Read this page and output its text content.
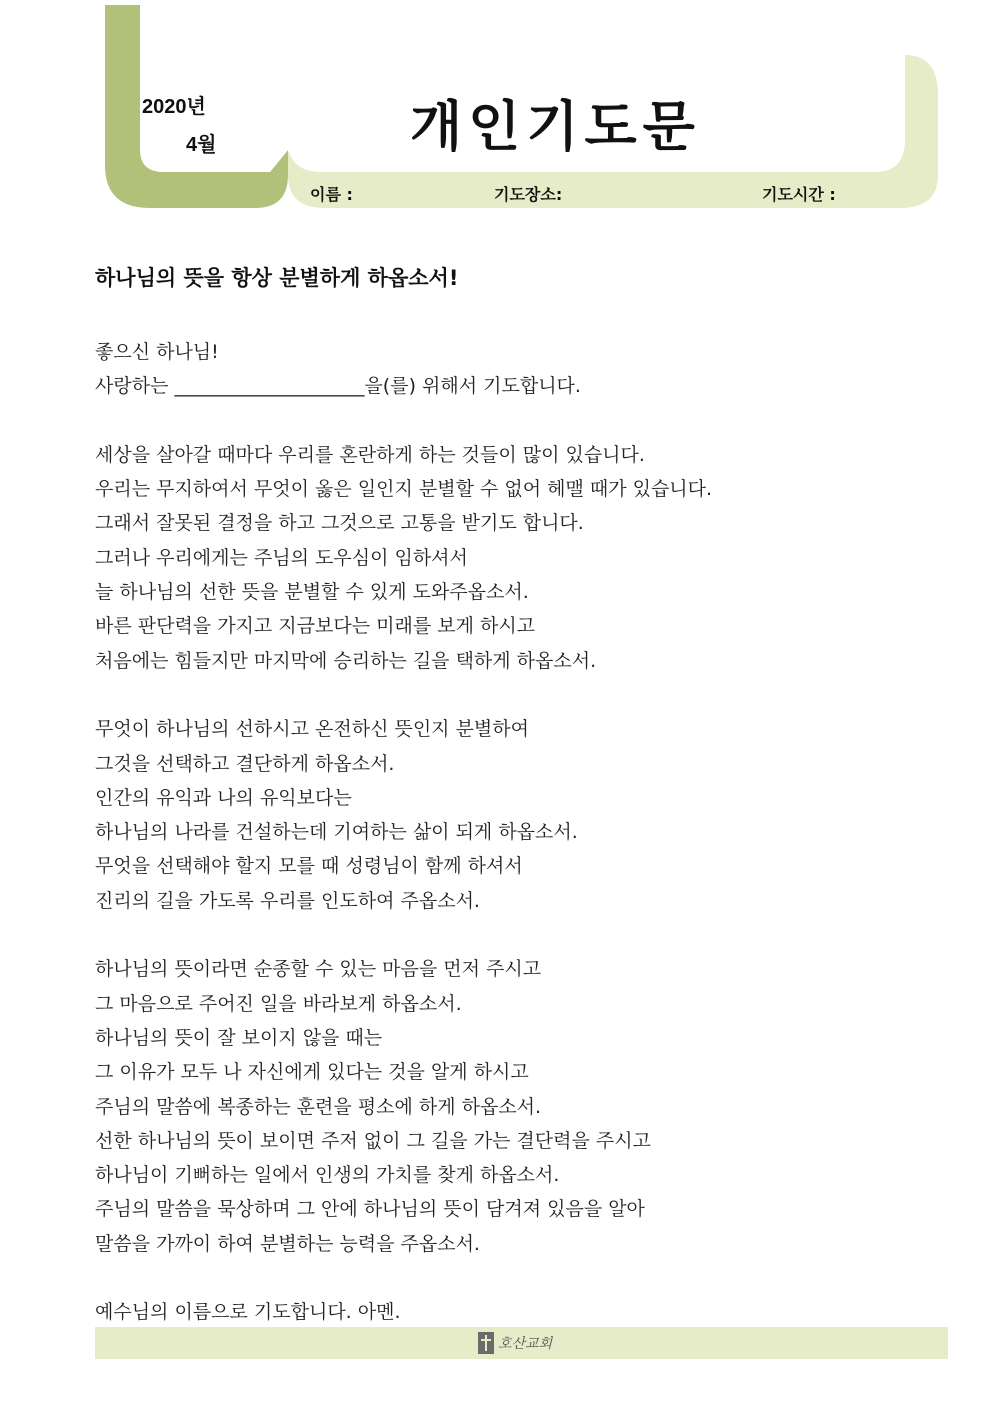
2020년
4월	개인기도문
이름 :	기도장소:	기도시간 :
하나님의 뜻을 항상 분별하게 하옵소서!
좋으신 하나님!
사랑하는 ____________________을(를) 위해서 기도합니다.
세상을 살아갈 때마다 우리를 혼란하게 하는 것들이 많이 있습니다.
우리는 무지하여서 무엇이 옳은 일인지 분별할 수 없어 헤맬 때가 있습니다.
그래서 잘못된 결정을 하고 그것으로 고통을 받기도 합니다.
그러나 우리에게는 주님의 도우심이 임하셔서
늘 하나님의 선한 뜻을 분별할 수 있게 도와주옵소서.
바른 판단력을 가지고 지금보다는 미래를 보게 하시고
처음에는 힘들지만 마지막에 승리하는 길을 택하게 하옵소서.
무엇이 하나님의 선하시고 온전하신 뜻인지 분별하여
그것을 선택하고 결단하게 하옵소서.
인간의 유익과 나의 유익보다는
하나님의 나라를 건설하는데 기여하는 삶이 되게 하옵소서.
무엇을 선택해야 할지 모를 때 성령님이 함께 하셔서
진리의 길을 가도록 우리를 인도하여 주옵소서.
하나님의 뜻이라면 순종할 수 있는 마음을 먼저 주시고
그 마음으로 주어진 일을 바라보게 하옵소서.
하나님의 뜻이 잘 보이지 않을 때는
그 이유가 모두 나 자신에게 있다는 것을 알게 하시고
주님의 말씀에 복종하는 훈련을 평소에 하게 하옵소서.
선한 하나님의 뜻이 보이면 주저 없이 그 길을 가는 결단력을 주시고
하나님이 기뻐하는 일에서 인생의 가치를 찾게 하옵소서.
주님의 말씀을 묵상하며 그 안에 하나님의 뜻이 담겨져 있음을 알아
말씀을 가까이 하여 분별하는 능력을 주옵소서.
예수님의 이름으로 기도합니다. 아멘.
호산교회
